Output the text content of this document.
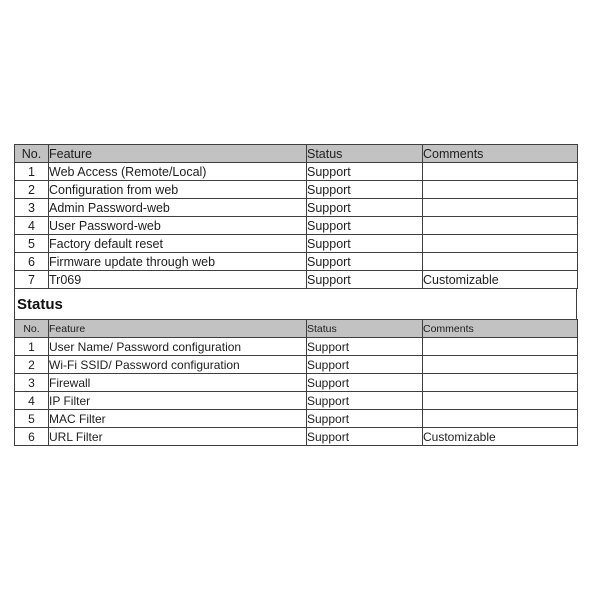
No.	Feature	Status	Comments
1	Web Access (Remote/Local)	Support	
2	Configuration from web	Support	
3	Admin Password-web	Support	
4	User Password-web	Support	
5	Factory default reset	Support	
6	Firmware update through web	Support	
7	Tr069	Support	Customizable
Status
No.	Feature	Status	Comments
1	User Name/ Password configuration	Support	
2	Wi-Fi SSID/ Password configuration	Support	
3	Firewall	Support	
4	IP Filter	Support	
5	MAC Filter	Support	
6	URL Filter	Support	Customizable
